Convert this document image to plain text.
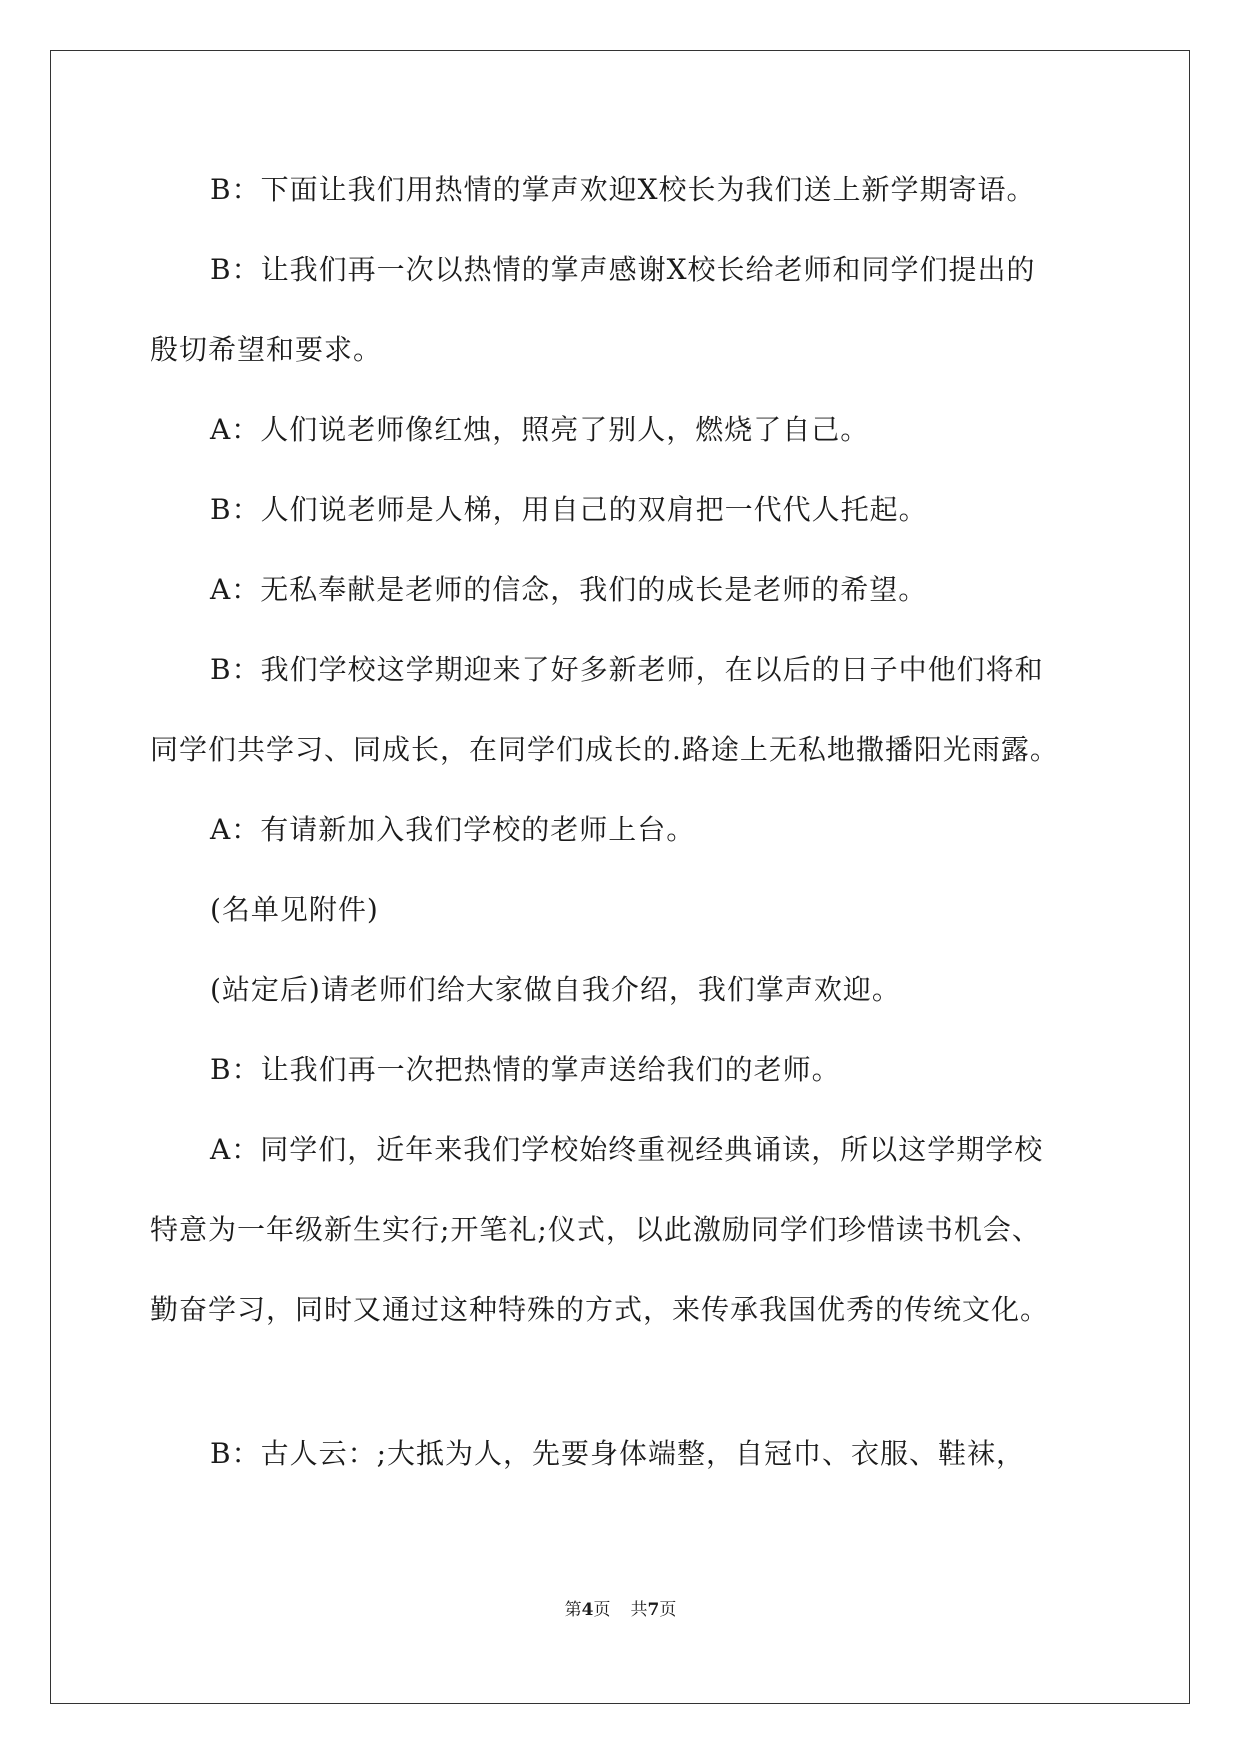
B：下面让我们用热情的掌声欢迎X校长为我们送上新学期寄语。
B：让我们再一次以热情的掌声感谢X校长给老师和同学们提出的
殷切希望和要求。
A：人们说老师像红烛，照亮了别人，燃烧了自己。
B：人们说老师是人梯，用自己的双肩把一代代人托起。
A：无私奉献是老师的信念，我们的成长是老师的希望。
B：我们学校这学期迎来了好多新老师，在以后的日子中他们将和
同学们共学习、同成长，在同学们成长的.路途上无私地撒播阳光雨露。
A：有请新加入我们学校的老师上台。
(名单见附件)
(站定后)请老师们给大家做自我介绍，我们掌声欢迎。
B：让我们再一次把热情的掌声送给我们的老师。
A：同学们，近年来我们学校始终重视经典诵读，所以这学期学校
特意为一年级新生实行;开笔礼;仪式，以此激励同学们珍惜读书机会、
勤奋学习，同时又通过这种特殊的方式，来传承我国优秀的传统文化。
B：古人云：;大抵为人，先要身体端整，自冠巾、衣服、鞋袜，
第4页 共7页
